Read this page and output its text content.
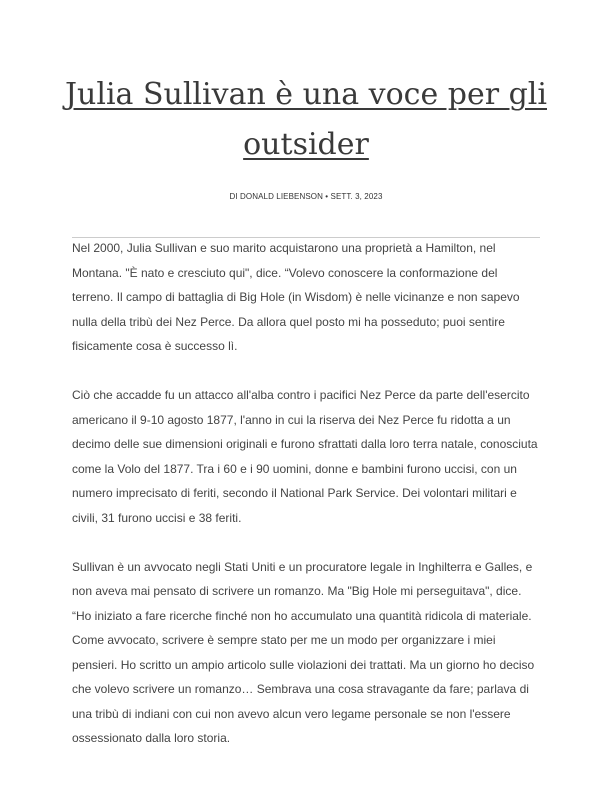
Julia Sullivan è una voce per gli
outsider
DI DONALD LIEBENSON • SETT. 3, 2023

Nel 2000, Julia Sullivan e suo marito acquistarono una proprietà a Hamilton, nel
Montana. "È nato e cresciuto qui", dice. “Volevo conoscere la conformazione del
terreno. Il campo di battaglia di Big Hole (in Wisdom) è nelle vicinanze e non sapevo
nulla della tribù dei Nez Perce. Da allora quel posto mi ha posseduto; puoi sentire
fisicamente cosa è successo lì.

Ciò che accadde fu un attacco all'alba contro i pacifici Nez Perce da parte dell'esercito
americano il 9-10 agosto 1877, l'anno in cui la riserva dei Nez Perce fu ridotta a un
decimo delle sue dimensioni originali e furono sfrattati dalla loro terra natale, conosciuta
come la Volo del 1877. Tra i 60 e i 90 uomini, donne e bambini furono uccisi, con un
numero imprecisato di feriti, secondo il National Park Service. Dei volontari militari e
civili, 31 furono uccisi e 38 feriti.

Sullivan è un avvocato negli Stati Uniti e un procuratore legale in Inghilterra e Galles, e
non aveva mai pensato di scrivere un romanzo. Ma "Big Hole mi perseguitava", dice.
“Ho iniziato a fare ricerche finché non ho accumulato una quantità ridicola di materiale.
Come avvocato, scrivere è sempre stato per me un modo per organizzare i miei
pensieri. Ho scritto un ampio articolo sulle violazioni dei trattati. Ma un giorno ho deciso
che volevo scrivere un romanzo… Sembrava una cosa stravagante da fare; parlava di
una tribù di indiani con cui non avevo alcun vero legame personale se non l'essere
ossessionato dalla loro storia.
